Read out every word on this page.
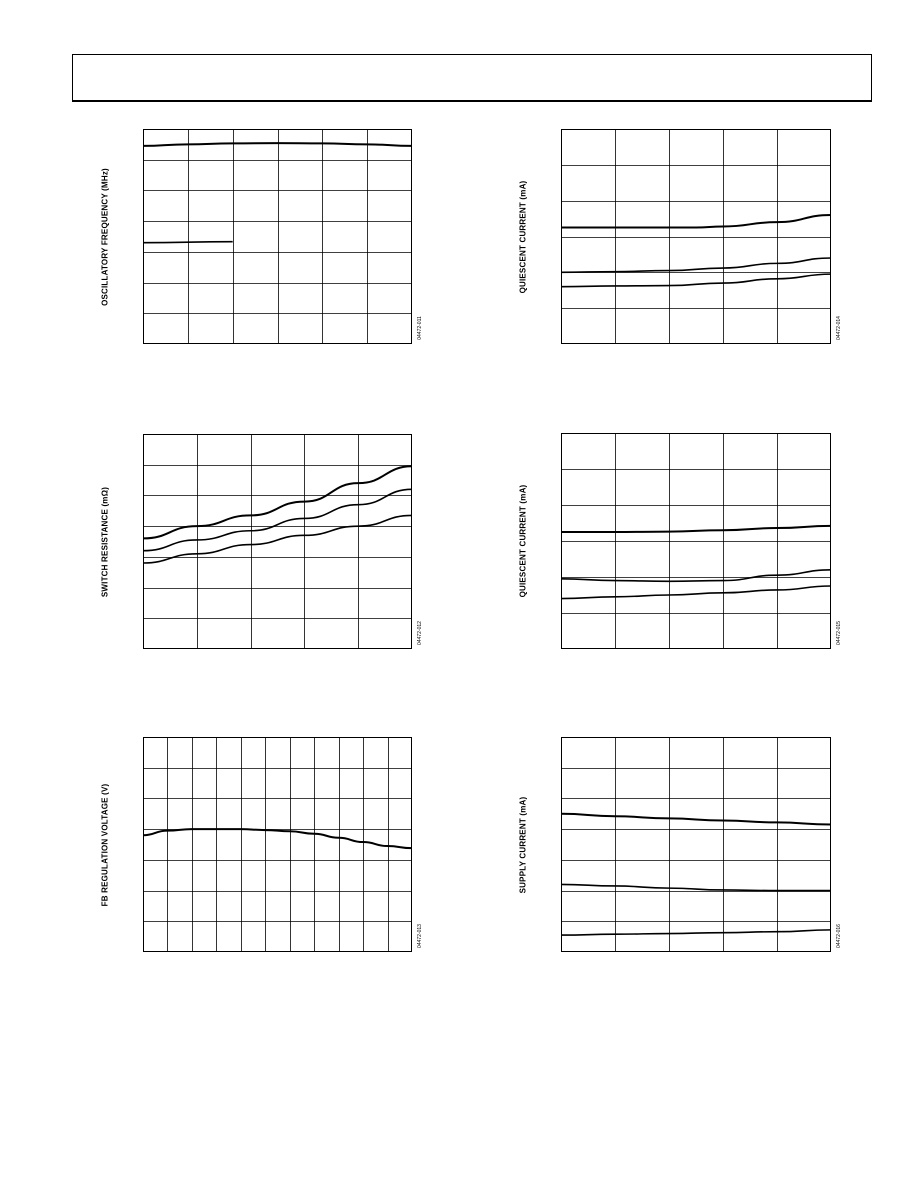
OSCILLATORY FREQUENCY (MHz)
04472-011
QUIESCENT CURRENT (mA)
04472-014
SWITCH RESISTANCE (mΩ)
04472-012
QUIESCENT CURRENT (mA)
04472-015
FB REGULATION VOLTAGE (V)
04472-013
SUPPLY CURRENT (mA)
04472-016
